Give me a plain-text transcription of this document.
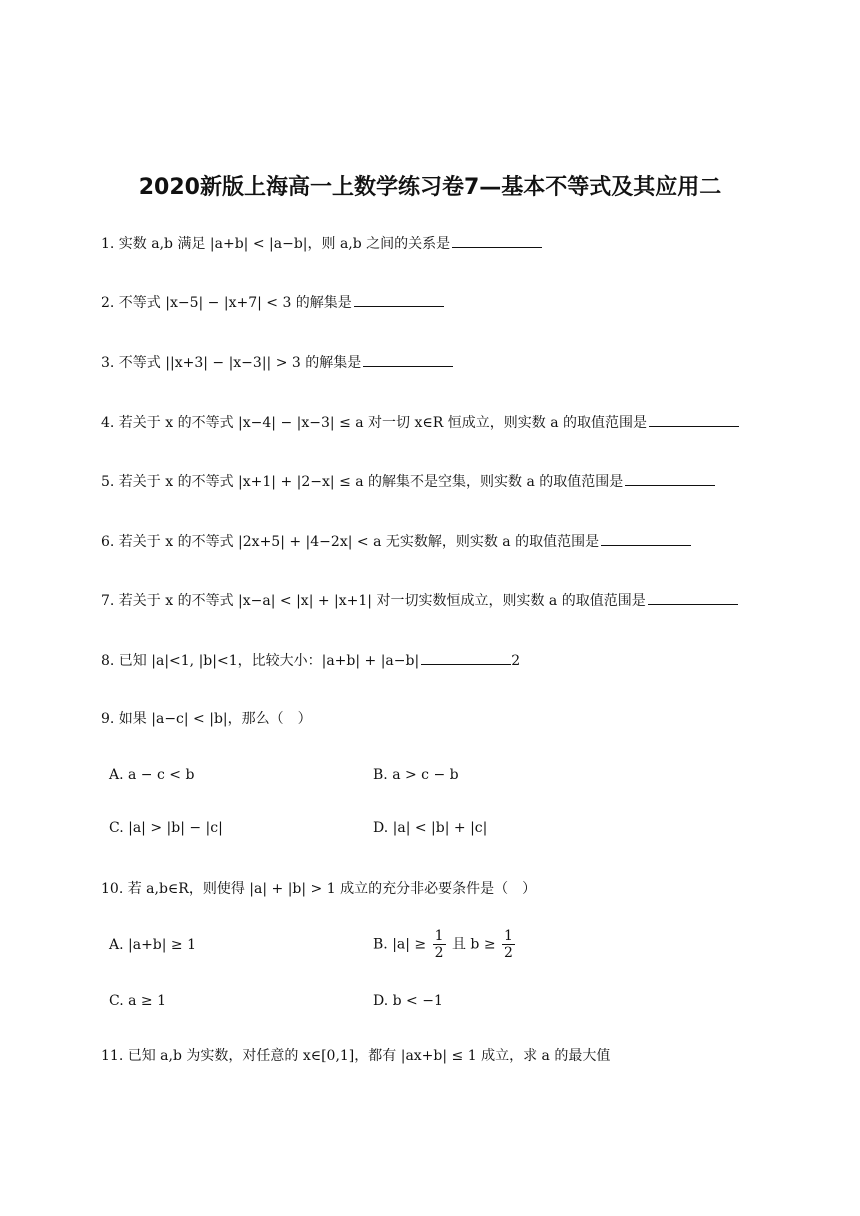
2020新版上海高一上数学练习卷7—基本不等式及其应用二
1. 实数 a,b 满足 |a+b| < |a−b|，则 a,b 之间的关系是
2. 不等式 |x−5| − |x+7| < 3 的解集是
3. 不等式 ||x+3| − |x−3|| > 3 的解集是
4. 若关于 x 的不等式 |x−4| − |x−3| ≤ a 对一切 x∈R 恒成立，则实数 a 的取值范围是
5. 若关于 x 的不等式 |x+1| + |2−x| ≤ a 的解集不是空集，则实数 a 的取值范围是
6. 若关于 x 的不等式 |2x+5| + |4−2x| < a 无实数解，则实数 a 的取值范围是
7. 若关于 x 的不等式 |x−a| < |x| + |x+1| 对一切实数恒成立，则实数 a 的取值范围是
8. 已知 |a|<1, |b|<1，比较大小：|a+b| + |a−b|	2
9. 如果 |a−c| < |b|，那么（　）
A. a − c < b	B. a > c − b
C. |a| > |b| − |c|	D. |a| < |b| + |c|
10. 若 a,b∈R，则使得 |a| + |b| > 1 成立的充分非必要条件是（　）
A. |a+b| ≥ 1	B. $|a| \ge \frac{1}{2}$ 且 $b \ge \frac{1}{2}$
C. a ≥ 1	D. b < −1
11. 已知 a,b 为实数，对任意的 x∈[0,1]，都有 |ax+b| ≤ 1 成立，求 a 的最大值
